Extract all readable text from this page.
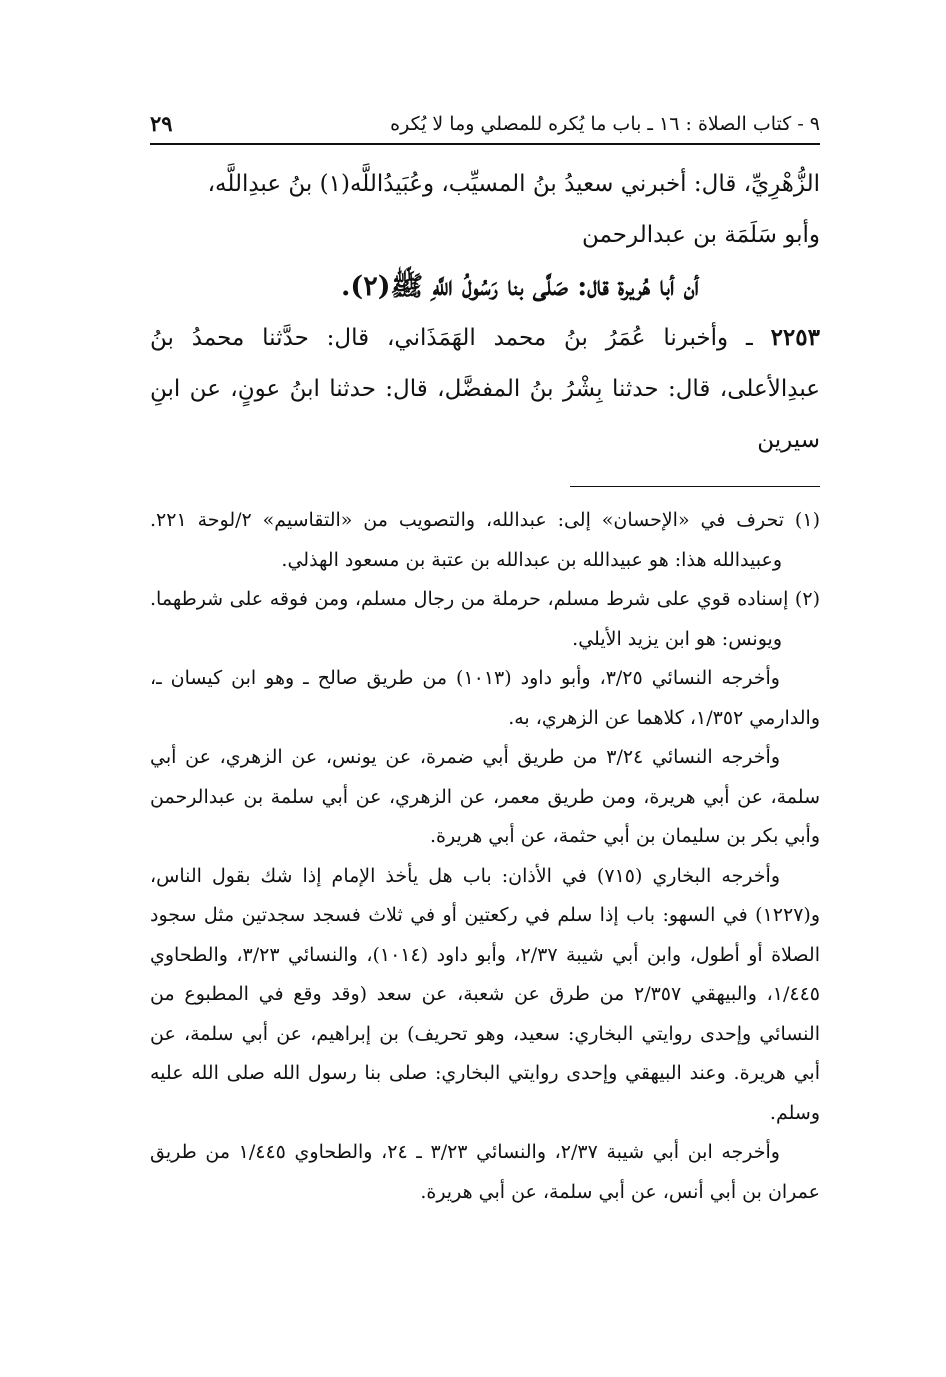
٩ - كتاب الصلاة : ١٦ ـ باب ما يُكره للمصلي وما لا يُكره
٢٩

الزُّهْرِيِّ، قال: أخبرني سعيدُ بنُ المسيِّب، وعُبَيدُاللَّه(١) بنُ عبدِاللَّه،

وأبو سَلَمَة بن عبدالرحمن

أن أبا هُريرة قال: صَلَّى بنا رَسُولُ اللَّهِ ﷺ(٢).

٢٢٥٣ ـ وأخبرنا عُمَرُ بنُ محمد الهَمَذَاني، قال: حدَّثنا محمدُ بنُ عبدِالأعلى، قال: حدثنا بِشْرُ بنُ المفضَّل، قال: حدثنا ابنُ عونٍ، عن ابنِ سيرين

(١) تحرف في «الإحسان» إلى: عبدالله، والتصويب من «التقاسيم» ٢/لوحة ٢٢١. وعبيدالله هذا: هو عبيدالله بن عبدالله بن عتبة بن مسعود الهذلي.

(٢) إسناده قوي على شرط مسلم، حرملة من رجال مسلم، ومن فوقه على شرطهما. ويونس: هو ابن يزيد الأيلي.

وأخرجه النسائي ٣/٢٥، وأبو داود (١٠١٣) من طريق صالح ـ وهو ابن كيسان ـ، والدارمي ١/٣٥٢، كلاهما عن الزهري، به.

وأخرجه النسائي ٣/٢٤ من طريق أبي ضمرة، عن يونس، عن الزهري، عن أبي سلمة، عن أبي هريرة، ومن طريق معمر، عن الزهري، عن أبي سلمة بن عبدالرحمن وأبي بكر بن سليمان بن أبي حثمة، عن أبي هريرة.

وأخرجه البخاري (٧١٥) في الأذان: باب هل يأخذ الإمام إذا شك بقول الناس، و(١٢٢٧) في السهو: باب إذا سلم في ركعتين أو في ثلاث فسجد سجدتين مثل سجود الصلاة أو أطول، وابن أبي شيبة ٢/٣٧، وأبو داود (١٠١٤)، والنسائي ٣/٢٣، والطحاوي ١/٤٤٥، والبيهقي ٢/٣٥٧ من طرق عن شعبة، عن سعد (وقد وقع في المطبوع من النسائي وإحدى روايتي البخاري: سعيد، وهو تحريف) بن إبراهيم، عن أبي سلمة، عن أبي هريرة. وعند البيهقي وإحدى روايتي البخاري: صلى بنا رسول الله صلى الله عليه وسلم.

وأخرجه ابن أبي شيبة ٢/٣٧، والنسائي ٣/٢٣ ـ ٢٤، والطحاوي ١/٤٤٥ من طريق عمران بن أبي أنس، عن أبي سلمة، عن أبي هريرة.
